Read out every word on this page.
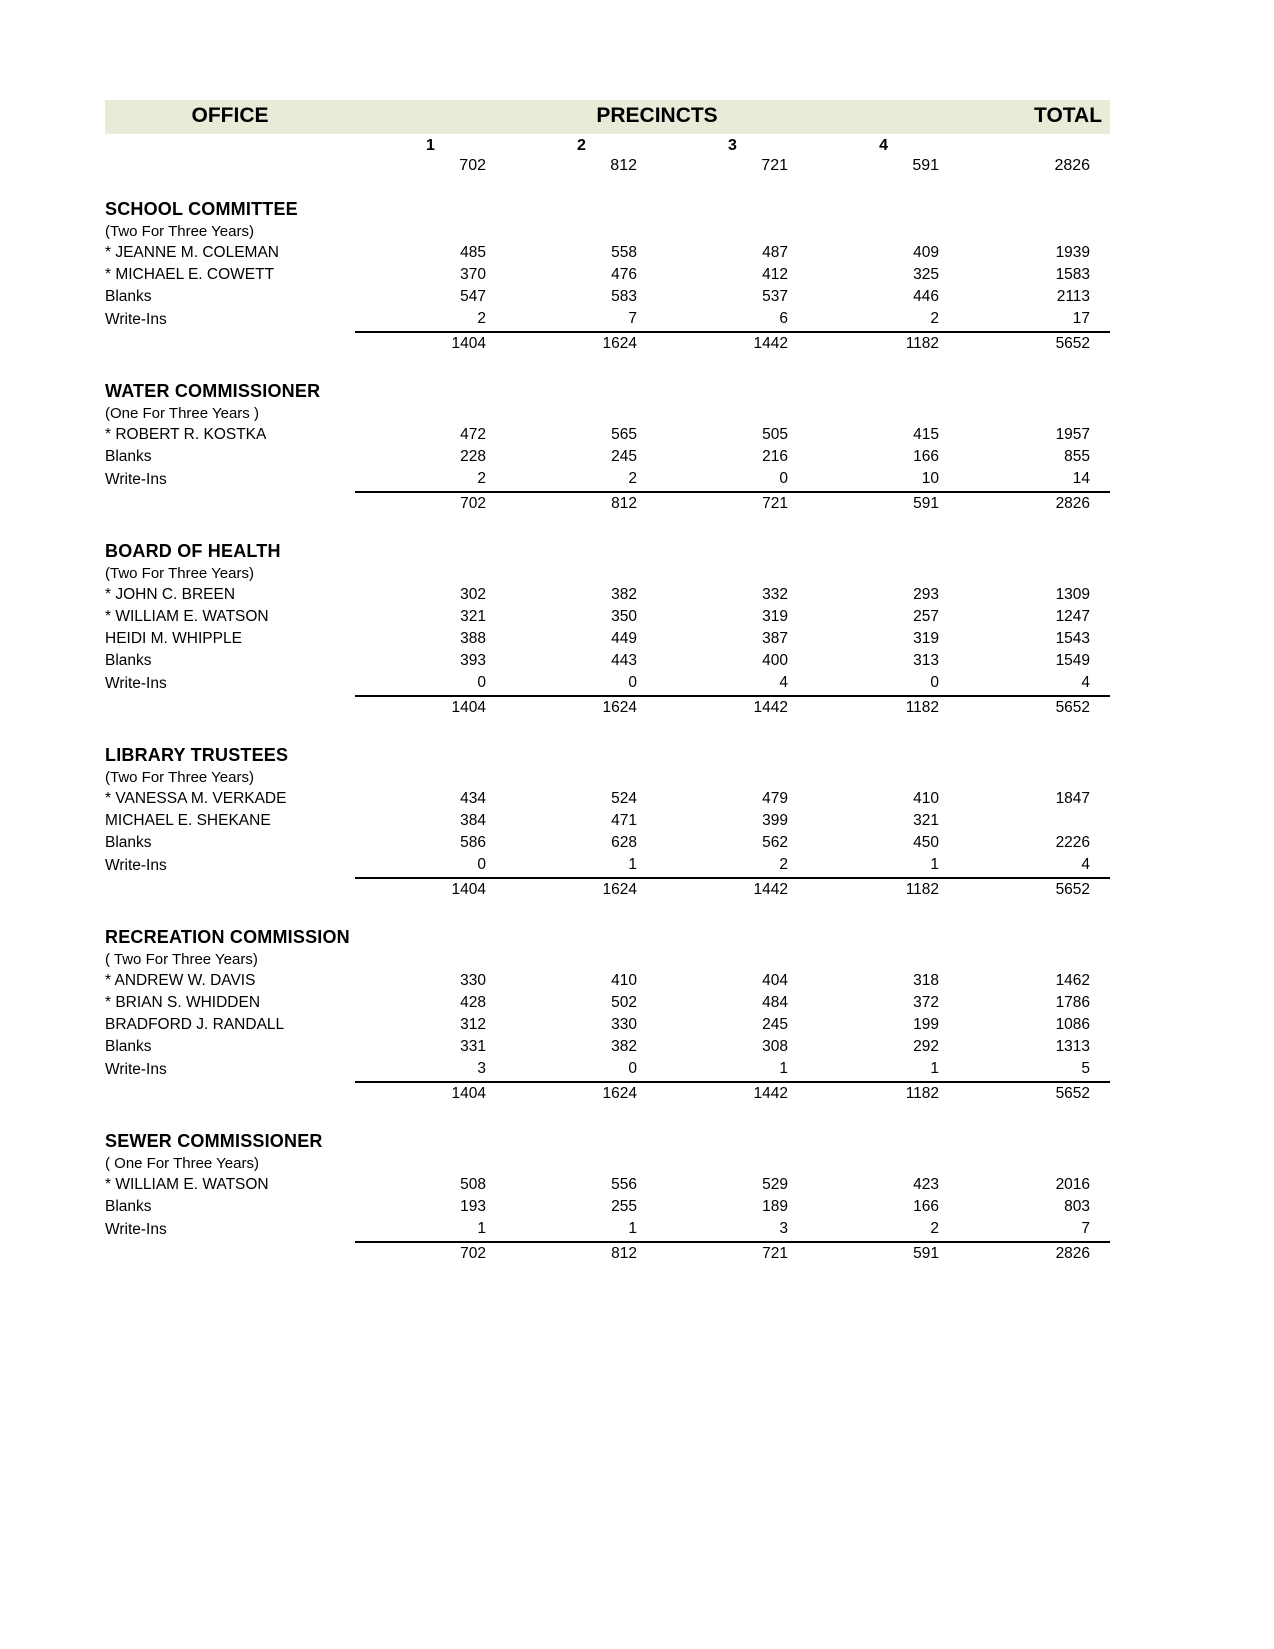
OFFICE	PRECINCTS				TOTAL
	1	2	3	4	
	702	812	721	591	2826
SCHOOL COMMITTEE					
(Two For Three Years)					
* JEANNE M. COLEMAN	485	558	487	409	1939
* MICHAEL E. COWETT	370	476	412	325	1583
Blanks	547	583	537	446	2113
Write-Ins	2	7	6	2	17
	1404	1624	1442	1182	5652

WATER COMMISSIONER					
(One For Three Years )					
* ROBERT R. KOSTKA	472	565	505	415	1957
Blanks	228	245	216	166	855
Write-Ins	2	2	0	10	14
	702	812	721	591	2826

BOARD OF HEALTH					
(Two For Three Years)					
* JOHN C. BREEN	302	382	332	293	1309
* WILLIAM E. WATSON	321	350	319	257	1247
HEIDI M. WHIPPLE	388	449	387	319	1543
Blanks	393	443	400	313	1549
Write-Ins	0	0	4	0	4
	1404	1624	1442	1182	5652

LIBRARY TRUSTEES					
(Two For Three Years)					
* VANESSA M. VERKADE	434	524	479	410	1847
MICHAEL E. SHEKANE	384	471	399	321	
Blanks	586	628	562	450	2226
Write-Ins	0	1	2	1	4
	1404	1624	1442	1182	5652

RECREATION COMMISSION					
( Two For Three Years)					
* ANDREW W. DAVIS	330	410	404	318	1462
* BRIAN S. WHIDDEN	428	502	484	372	1786
BRADFORD J. RANDALL	312	330	245	199	1086
Blanks	331	382	308	292	1313
Write-Ins	3	0	1	1	5
	1404	1624	1442	1182	5652

SEWER COMMISSIONER					
( One For Three Years)					
* WILLIAM E. WATSON	508	556	529	423	2016
Blanks	193	255	189	166	803
Write-Ins	1	1	3	2	7
	702	812	721	591	2826
